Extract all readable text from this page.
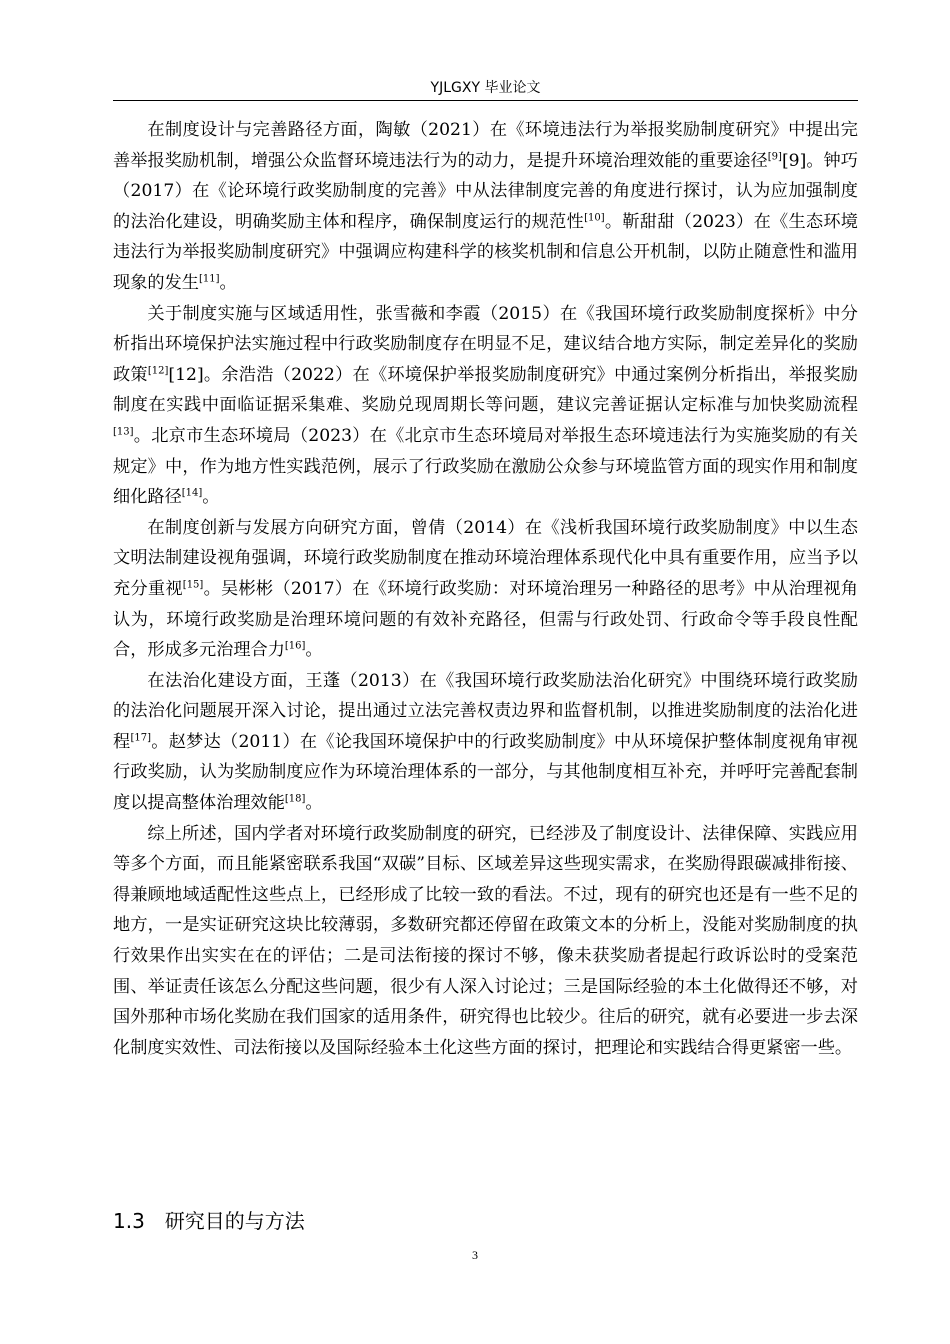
YJLGXY 毕业论文

在制度设计与完善路径方面，陶敏（2021）在《环境违法行为举报奖励制度研究》中提出完善举报奖励机制，增强公众监督环境违法行为的动力，是提升环境治理效能的重要途径[9][9]。钟巧（2017）在《论环境行政奖励制度的完善》中从法律制度完善的角度进行探讨，认为应加强制度的法治化建设，明确奖励主体和程序，确保制度运行的规范性[10]。靳甜甜（2023）在《生态环境违法行为举报奖励制度研究》中强调应构建科学的核奖机制和信息公开机制，以防止随意性和滥用现象的发生[11]。

关于制度实施与区域适用性，张雪薇和李霞（2015）在《我国环境行政奖励制度探析》中分析指出环境保护法实施过程中行政奖励制度存在明显不足，建议结合地方实际，制定差异化的奖励政策[12][12]。余浩浩（2022）在《环境保护举报奖励制度研究》中通过案例分析指出，举报奖励制度在实践中面临证据采集难、奖励兑现周期长等问题，建议完善证据认定标准与加快奖励流程[13]。北京市生态环境局（2023）在《北京市生态环境局对举报生态环境违法行为实施奖励的有关规定》中，作为地方性实践范例，展示了行政奖励在激励公众参与环境监管方面的现实作用和制度细化路径[14]。

在制度创新与发展方向研究方面，曾倩（2014）在《浅析我国环境行政奖励制度》中以生态文明法制建设视角强调，环境行政奖励制度在推动环境治理体系现代化中具有重要作用，应当予以充分重视[15]。吴彬彬（2017）在《环境行政奖励：对环境治理另一种路径的思考》中从治理视角认为，环境行政奖励是治理环境问题的有效补充路径，但需与行政处罚、行政命令等手段良性配合，形成多元治理合力[16]。

在法治化建设方面，王蓬（2013）在《我国环境行政奖励法治化研究》中围绕环境行政奖励的法治化问题展开深入讨论，提出通过立法完善权责边界和监督机制，以推进奖励制度的法治化进程[17]。赵梦达（2011）在《论我国环境保护中的行政奖励制度》中从环境保护整体制度视角审视行政奖励，认为奖励制度应作为环境治理体系的一部分，与其他制度相互补充，并呼吁完善配套制度以提高整体治理效能[18]。

综上所述，国内学者对环境行政奖励制度的研究，已经涉及了制度设计、法律保障、实践应用等多个方面，而且能紧密联系我国“双碳”目标、区域差异这些现实需求，在奖励得跟碳减排衔接、得兼顾地域适配性这些点上，已经形成了比较一致的看法。不过，现有的研究也还是有一些不足的地方，一是实证研究这块比较薄弱，多数研究都还停留在政策文本的分析上，没能对奖励制度的执行效果作出实实在在的评估；二是司法衔接的探讨不够，像未获奖励者提起行政诉讼时的受案范围、举证责任该怎么分配这些问题，很少有人深入讨论过；三是国际经验的本土化做得还不够，对国外那种市场化奖励在我们国家的适用条件，研究得也比较少。往后的研究，就有必要进一步去深化制度实效性、司法衔接以及国际经验本土化这些方面的探讨，把理论和实践结合得更紧密一些。

1.3 研究目的与方法
3
